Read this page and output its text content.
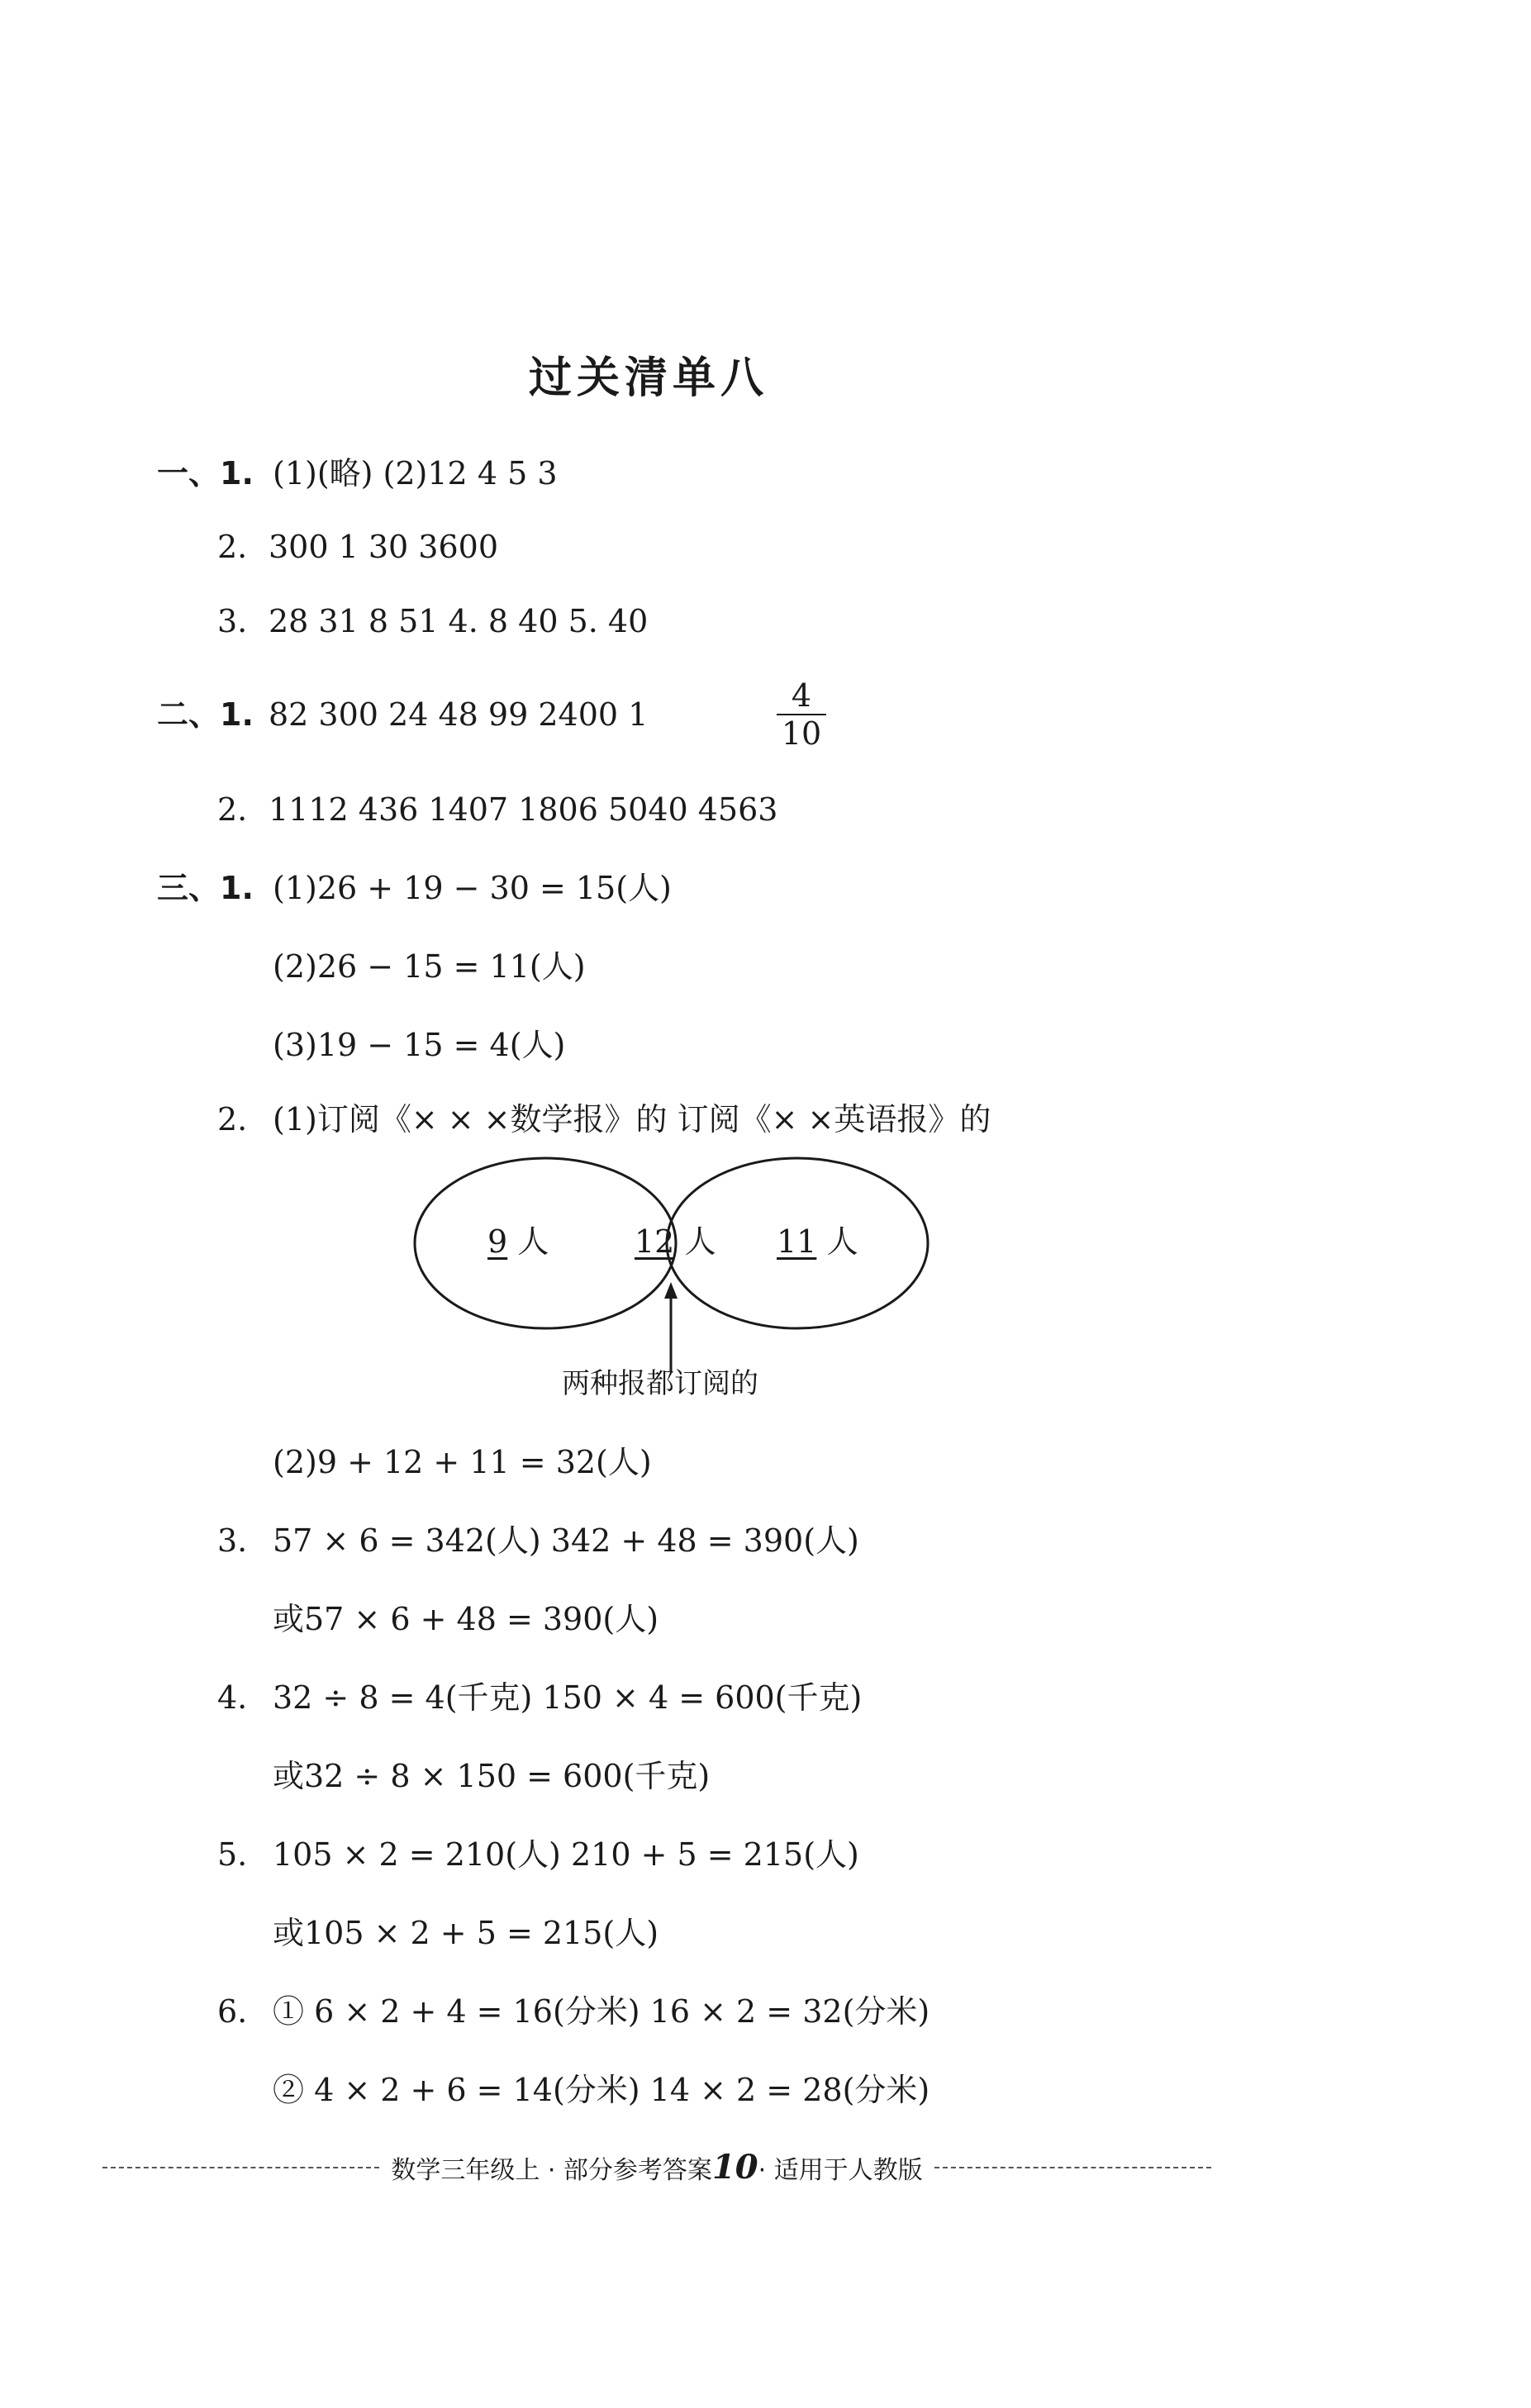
过关清单八
一、1. (1)(略) (2)12 4 5 3
2. 300 1 30 3600
3. 28 31 8 51 4. 8 40 5. 40
二、1. 82 300 24 48 99 2400 1	$\frac{4}{10}$
2. 1112 436 1407 1806 5040 4563
三、1. (1)26 + 19 − 30 = 15(人)
(2)26 − 15 = 11(人)
(3)19 − 15 = 4(人)
2. (1)订阅《× × ×数学报》的 订阅《× ×英语报》的
9 人	12 人 11 人
两种报都订阅的
(2)9 + 12 + 11 = 32(人)
3. 57 × 6 = 342(人) 342 + 48 = 390(人)
或57 × 6 + 48 = 390(人)
4. 32 ÷ 8 = 4(千克) 150 × 4 = 600(千克)
或32 ÷ 8 × 150 = 600(千克)
5. 105 × 2 = 210(人) 210 + 5 = 215(人)
或105 × 2 + 5 = 215(人)
6. ① 6 × 2 + 4 = 16(分米) 16 × 2 = 32(分米)
② 4 × 2 + 6 = 14(分米) 14 × 2 = 28(分米)
数学三年级上 · 部分参考答案 10 · 适用于人教版
